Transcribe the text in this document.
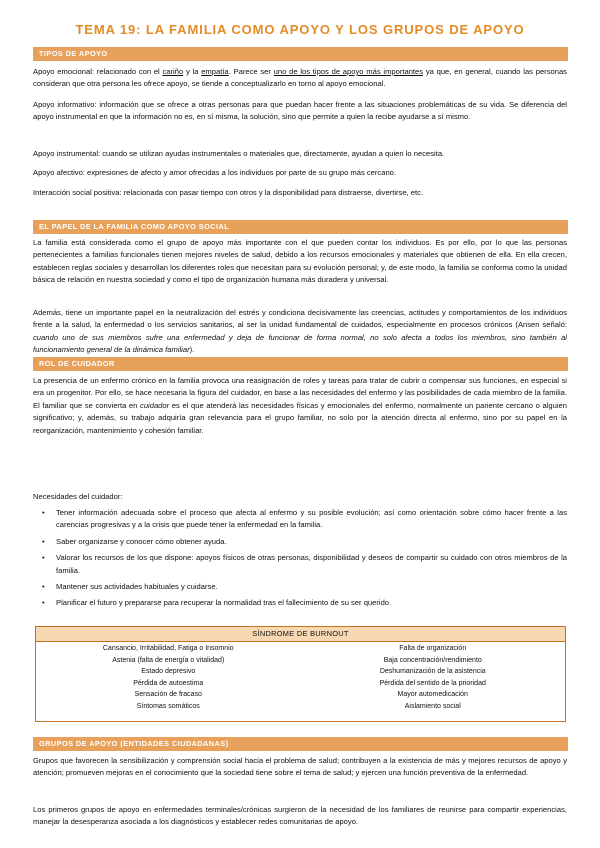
TEMA 19: LA FAMILIA COMO APOYO Y LOS GRUPOS DE APOYO
TIPOS DE APOYO
Apoyo emocional: relacionado con el cariño y la empatía. Parece ser uno de los tipos de apoyo más importantes ya que, en general, cuando las personas consideran que otra persona les ofrece apoyo, se tiende a conceptualizarlo en torno al apoyo emocional.
Apoyo informativo: información que se ofrece a otras personas para que puedan hacer frente a las situaciones problemáticas de su vida. Se diferencia del apoyo instrumental en que la información no es, en sí misma, la solución, sino que permite a quien la recibe ayudarse a sí mismo.
Apoyo instrumental: cuando se utilizan ayudas instrumentales o materiales que, directamente, ayudan a quien lo necesita.
Apoyo afectivo: expresiones de afecto y amor ofrecidas a los individuos por parte de su grupo más cercano.
Interacción social positiva: relacionada con pasar tiempo con otros y la disponibilidad para distraerse, divertirse, etc.
EL PAPEL DE LA FAMILIA COMO APOYO SOCIAL
La familia está considerada como el grupo de apoyo más importante con el que pueden contar los individuos. Es por ello, por lo que las personas pertenecientes a familias funcionales tienen mejores niveles de salud, debido a los recursos emocionales y materiales que obtienen de ella. En ella crecen, establecen reglas sociales y desarrollan los diferentes roles que necesitan para su evolución personal; y, de este modo, la familia se conforma como la unidad básica de relación en nuestra sociedad y como el tipo de organización humana más duradera y universal.
Además, tiene un importante papel en la neutralización del estrés y condiciona decisivamente las creencias, actitudes y comportamientos de los individuos frente a la salud, la enfermedad o los servicios sanitarios, al ser la unidad fundamental de cuidados, especialmente en procesos crónicos (Ansen señaló: cuando uno de sus miembros sufre una enfermedad y deja de funcionar de forma normal, no solo afecta a todos los miembros, sino también al funcionamiento general de la dinámica familiar).
ROL DE CUIDADOR
La presencia de un enfermo crónico en la familia provoca una reasignación de roles y tareas para tratar de cubrir o compensar sus funciones, en especial si era un progenitor. Por ello, se hace necesaria la figura del cuidador, en base a las necesidades del enfermo y las posibilidades de cada miembro de la familia. El familiar que se convierta en cuidador es el que atenderá las necesidades físicas y emocionales del enfermo, normalmente un pariente cercano o alguien significativo; y, además, su trabajo adquiría gran relevancia para el grupo familiar, no solo por la atención directa al enfermo, sino por su papel en la reorganización, mantenimiento y cohesión familiar.
Necesidades del cuidador:
• Tener información adecuada sobre el proceso que afecta al enfermo y su posible evolución; así como orientación sobre cómo hacer frente a las carencias progresivas y a la crisis que puede tener la enfermedad en la familia.
• Saber organizarse y conocer cómo obtener ayuda.
• Valorar los recursos de los que dispone: apoyos físicos de otras personas, disponibilidad y deseos de compartir su cuidado con otros miembros de la familia.
• Mantener sus actividades habituales y cuidarse.
• Planificar el futuro y prepararse para recuperar la normalidad tras el fallecimiento de su ser querido.
SÍNDROME DE BURNOUT
Cansancio, Irritabilidad, Fatiga o Insomnio
Astenia (falta de energía o vitalidad)
Estado depresivo
Pérdida de autoestima
Sensación de fracaso
Síntomas somáticos
Falta de organización
Baja concentración/rendimiento
Deshumanización de la asistencia
Pérdida del sentido de la prioridad
Mayor automedicación
Aislamiento social
GRUPOS DE APOYO (ENTIDADES CIUDADANAS)
Grupos que favorecen la sensibilización y comprensión social hacia el problema de salud; contribuyen a la existencia de más y mejores recursos de apoyo y atención; promueven mejoras en el conocimiento que la sociedad tiene sobre el tema de salud; y ejercen una función preventiva de la enfermedad.
Los primeros grupos de apoyo en enfermedades terminales/crónicas surgieron de la necesidad de los familiares de reunirse para compartir experiencias, manejar la desesperanza asociada a los diagnósticos y establecer redes comunitarias de apoyo.
